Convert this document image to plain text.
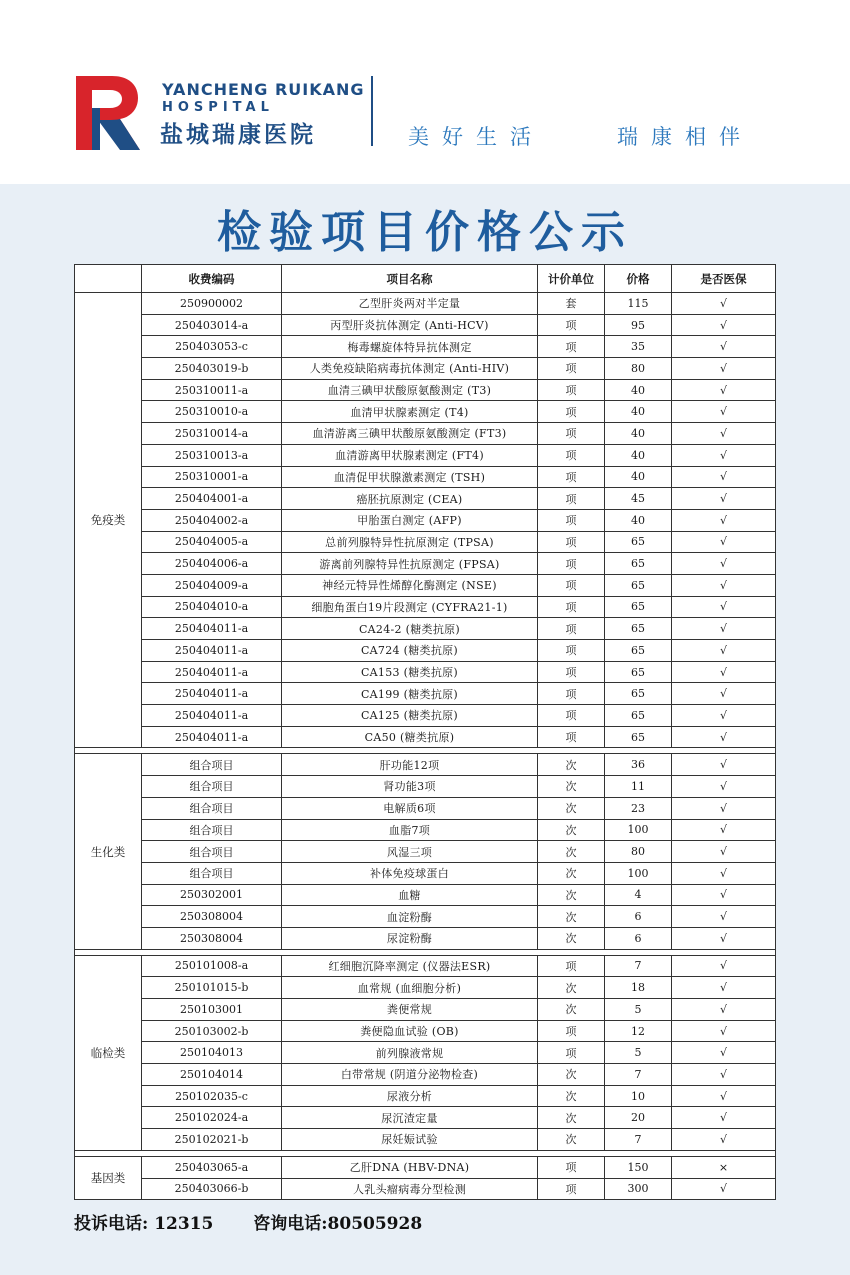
YANCHENG RUIKANG
HOSPITAL
盐城瑞康医院	美好生活	瑞康相伴
检验项目价格公示
	收费编码	项目名称	计价单位	价格	是否医保
免疫类	250900002	乙型肝炎两对半定量	套	115	√
	250403014-a	丙型肝炎抗体测定 (Anti-HCV)	项	95	√
	250403053-c	梅毒螺旋体特异抗体测定	项	35	√
	250403019-b	人类免疫缺陷病毒抗体测定 (Anti-HIV)	项	80	√
	250310011-a	血清三碘甲状酸原氨酸测定 (T3)	项	40	√
	250310010-a	血清甲状腺素测定 (T4)	项	40	√
	250310014-a	血清游离三碘甲状酸原氨酸测定 (FT3)	项	40	√
	250310013-a	血清游离甲状腺素测定 (FT4)	项	40	√
	250310001-a	血清促甲状腺激素测定 (TSH)	项	40	√
	250404001-a	癌胚抗原测定 (CEA)	项	45	√
	250404002-a	甲胎蛋白测定 (AFP)	项	40	√
	250404005-a	总前列腺特异性抗原测定 (TPSA)	项	65	√
	250404006-a	游离前列腺特异性抗原测定 (FPSA)	项	65	√
	250404009-a	神经元特异性烯醇化酶测定 (NSE)	项	65	√
	250404010-a	细胞角蛋白19片段测定 (CYFRA21-1)	项	65	√
	250404011-a	CA24-2 (糖类抗原)	项	65	√
	250404011-a	CA724 (糖类抗原)	项	65	√
	250404011-a	CA153 (糖类抗原)	项	65	√
	250404011-a	CA199 (糖类抗原)	项	65	√
	250404011-a	CA125 (糖类抗原)	项	65	√
	250404011-a	CA50 (糖类抗原)	项	65	√

生化类	组合项目	肝功能12项	次	36	√
	组合项目	肾功能3项	次	11	√
	组合项目	电解质6项	次	23	√
	组合项目	血脂7项	次	100	√
	组合项目	风湿三项	次	80	√
	组合项目	补体免疫球蛋白	次	100	√
	250302001	血糖	次	4	√
	250308004	血淀粉酶	次	6	√
	250308004	尿淀粉酶	次	6	√

临检类	250101008-a	红细胞沉降率测定 (仪器法ESR)	项	7	√
	250101015-b	血常规 (血细胞分析)	次	18	√
	250103001	粪便常规	次	5	√
	250103002-b	粪便隐血试验 (OB)	项	12	√
	250104013	前列腺液常规	项	5	√
	250104014	白带常规 (阴道分泌物检查)	次	7	√
	250102035-c	尿液分析	次	10	√
	250102024-a	尿沉渣定量	次	20	√
	250102021-b	尿妊娠试验	次	7	√

基因类	250403065-a	乙肝DNA (HBV-DNA)	项	150	×
	250403066-b	人乳头瘤病毒分型检测	项	300	√
投诉电话: 12315 咨询电话:80505928
